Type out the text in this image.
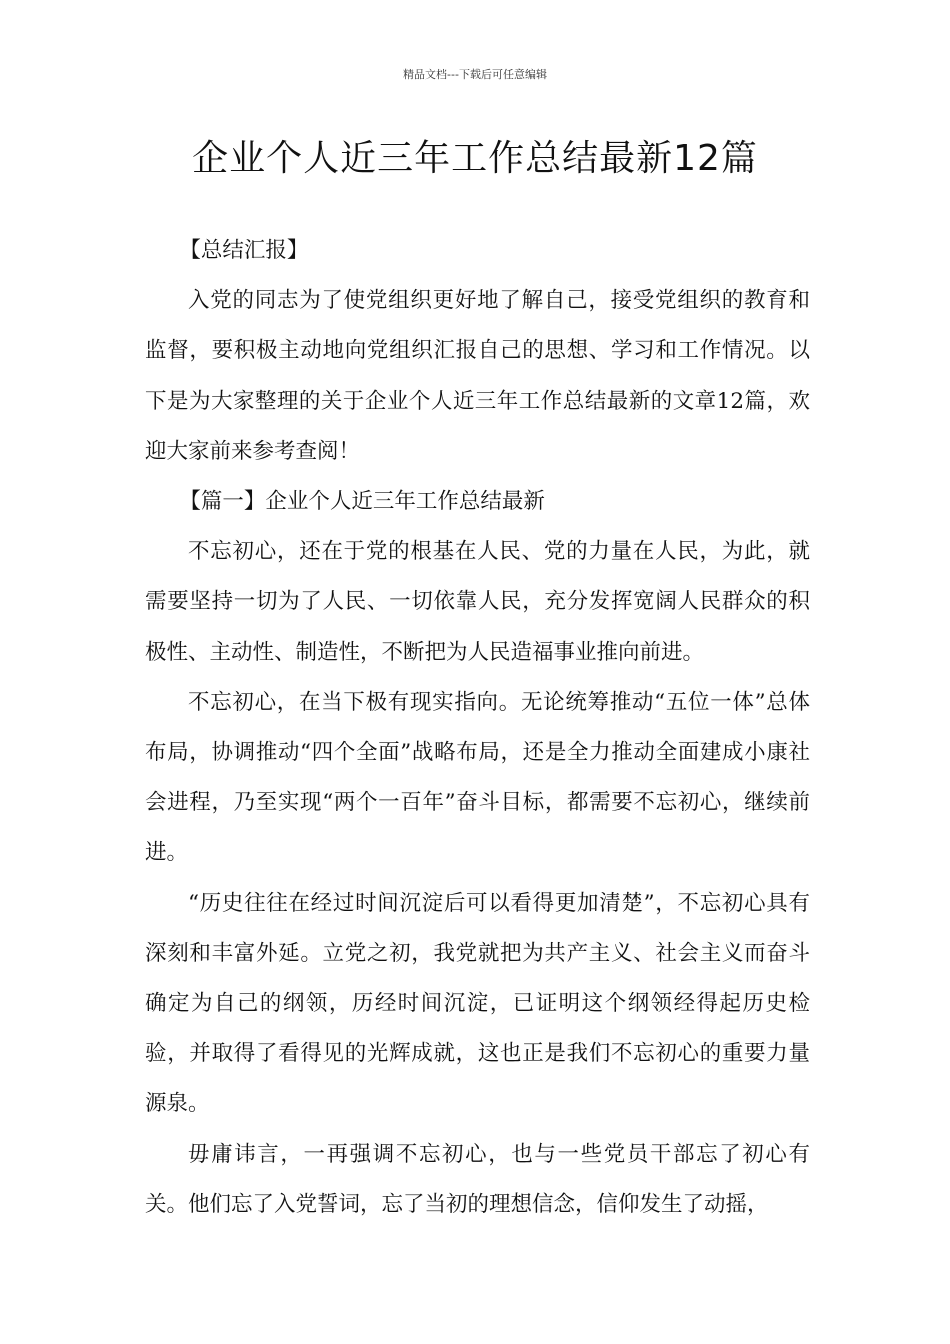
精品文档---下载后可任意编辑
企业个人近三年工作总结最新12篇

【总结汇报】

入党的同志为了使党组织更好地了解自己，接受党组织的教育和监督，要积极主动地向党组织汇报自己的思想、学习和工作情况。以下是为大家整理的关于企业个人近三年工作总结最新的文章12篇，欢迎大家前来参考查阅！

【篇一】企业个人近三年工作总结最新

不忘初心，还在于党的根基在人民、党的力量在人民，为此，就需要坚持一切为了人民、一切依靠人民，充分发挥宽阔人民群众的积极性、主动性、制造性，不断把为人民造福事业推向前进。

不忘初心，在当下极有现实指向。无论统筹推动“五位一体”总体布局，协调推动“四个全面”战略布局，还是全力推动全面建成小康社会进程，乃至实现“两个一百年”奋斗目标，都需要不忘初心，继续前进。

“历史往往在经过时间沉淀后可以看得更加清楚”，不忘初心具有深刻和丰富外延。立党之初，我党就把为共产主义、社会主义而奋斗确定为自己的纲领，历经时间沉淀，已证明这个纲领经得起历史检验，并取得了看得见的光辉成就，这也正是我们不忘初心的重要力量源泉。

毋庸讳言，一再强调不忘初心，也与一些党员干部忘了初心有关。他们忘了入党誓词，忘了当初的理想信念，信仰发生了动摇，
